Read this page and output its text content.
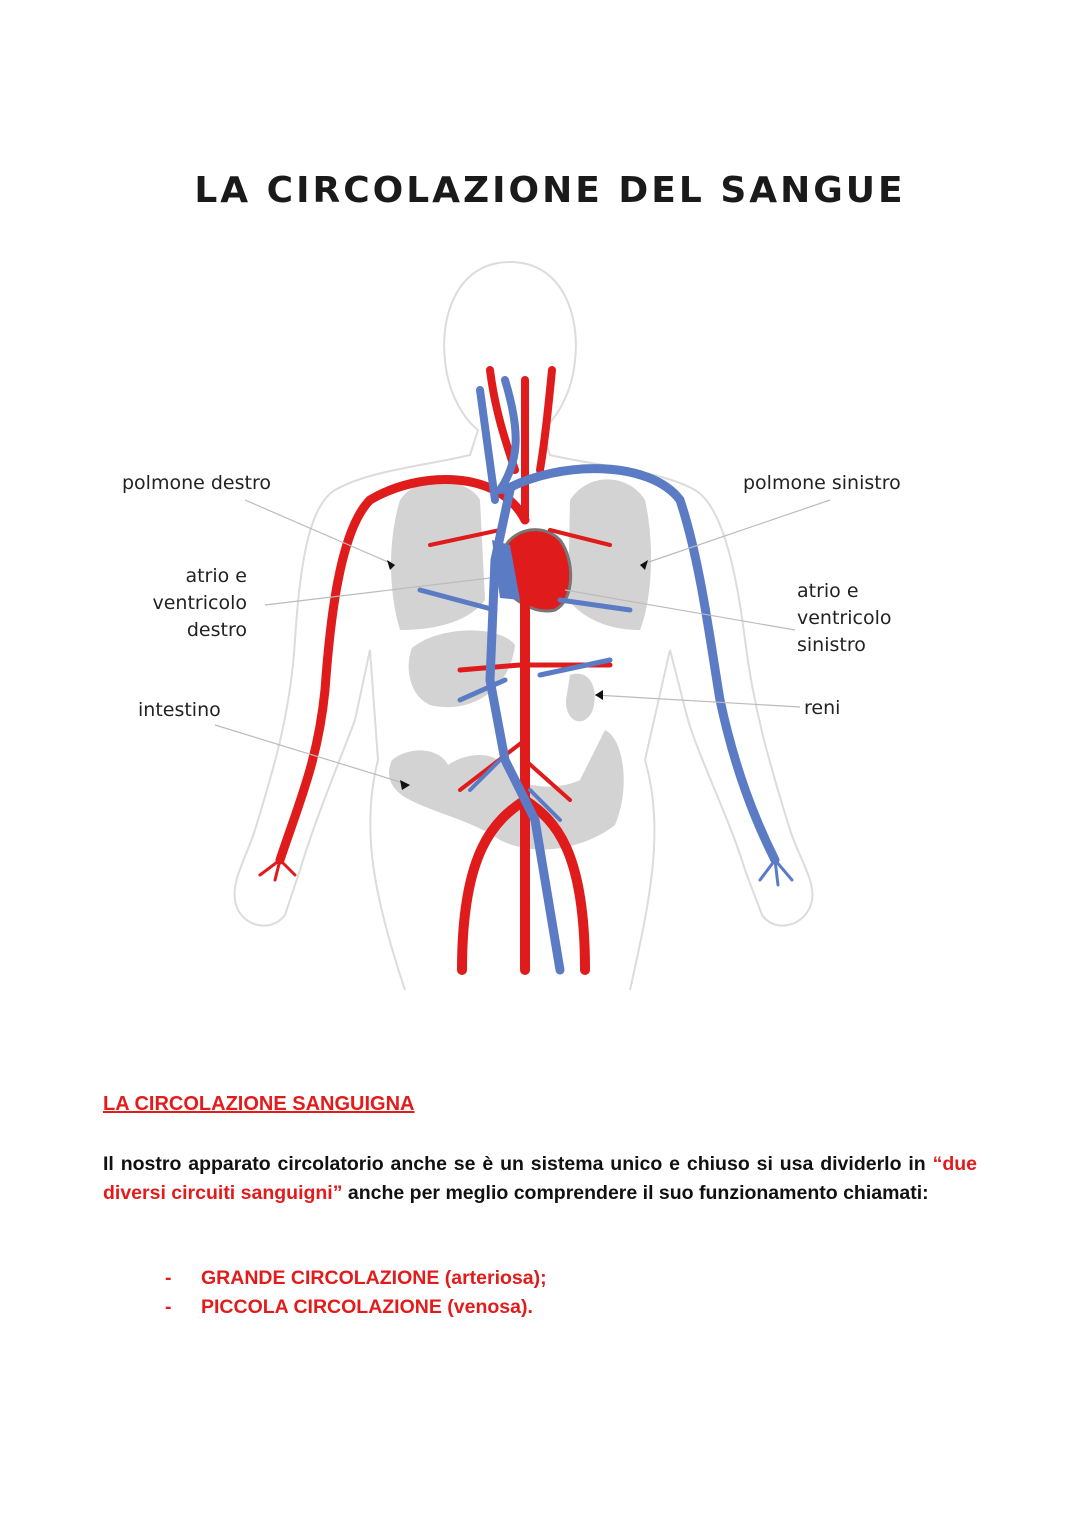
LA CIRCOLAZIONE DEL SANGUE
polmone destro	polmone sinistro
atrio e
ventricolo
destro
atrio e
ventricolo
sinistro
intestino	reni
LA CIRCOLAZIONE SANGUIGNA
Il nostro apparato circolatorio anche se è un sistema unico e chiuso si usa dividerlo in “due diversi circuiti sanguigni” anche per meglio comprendere il suo funzionamento chiamati:
- GRANDE CIRCOLAZIONE (arteriosa);
- PICCOLA CIRCOLAZIONE (venosa).
